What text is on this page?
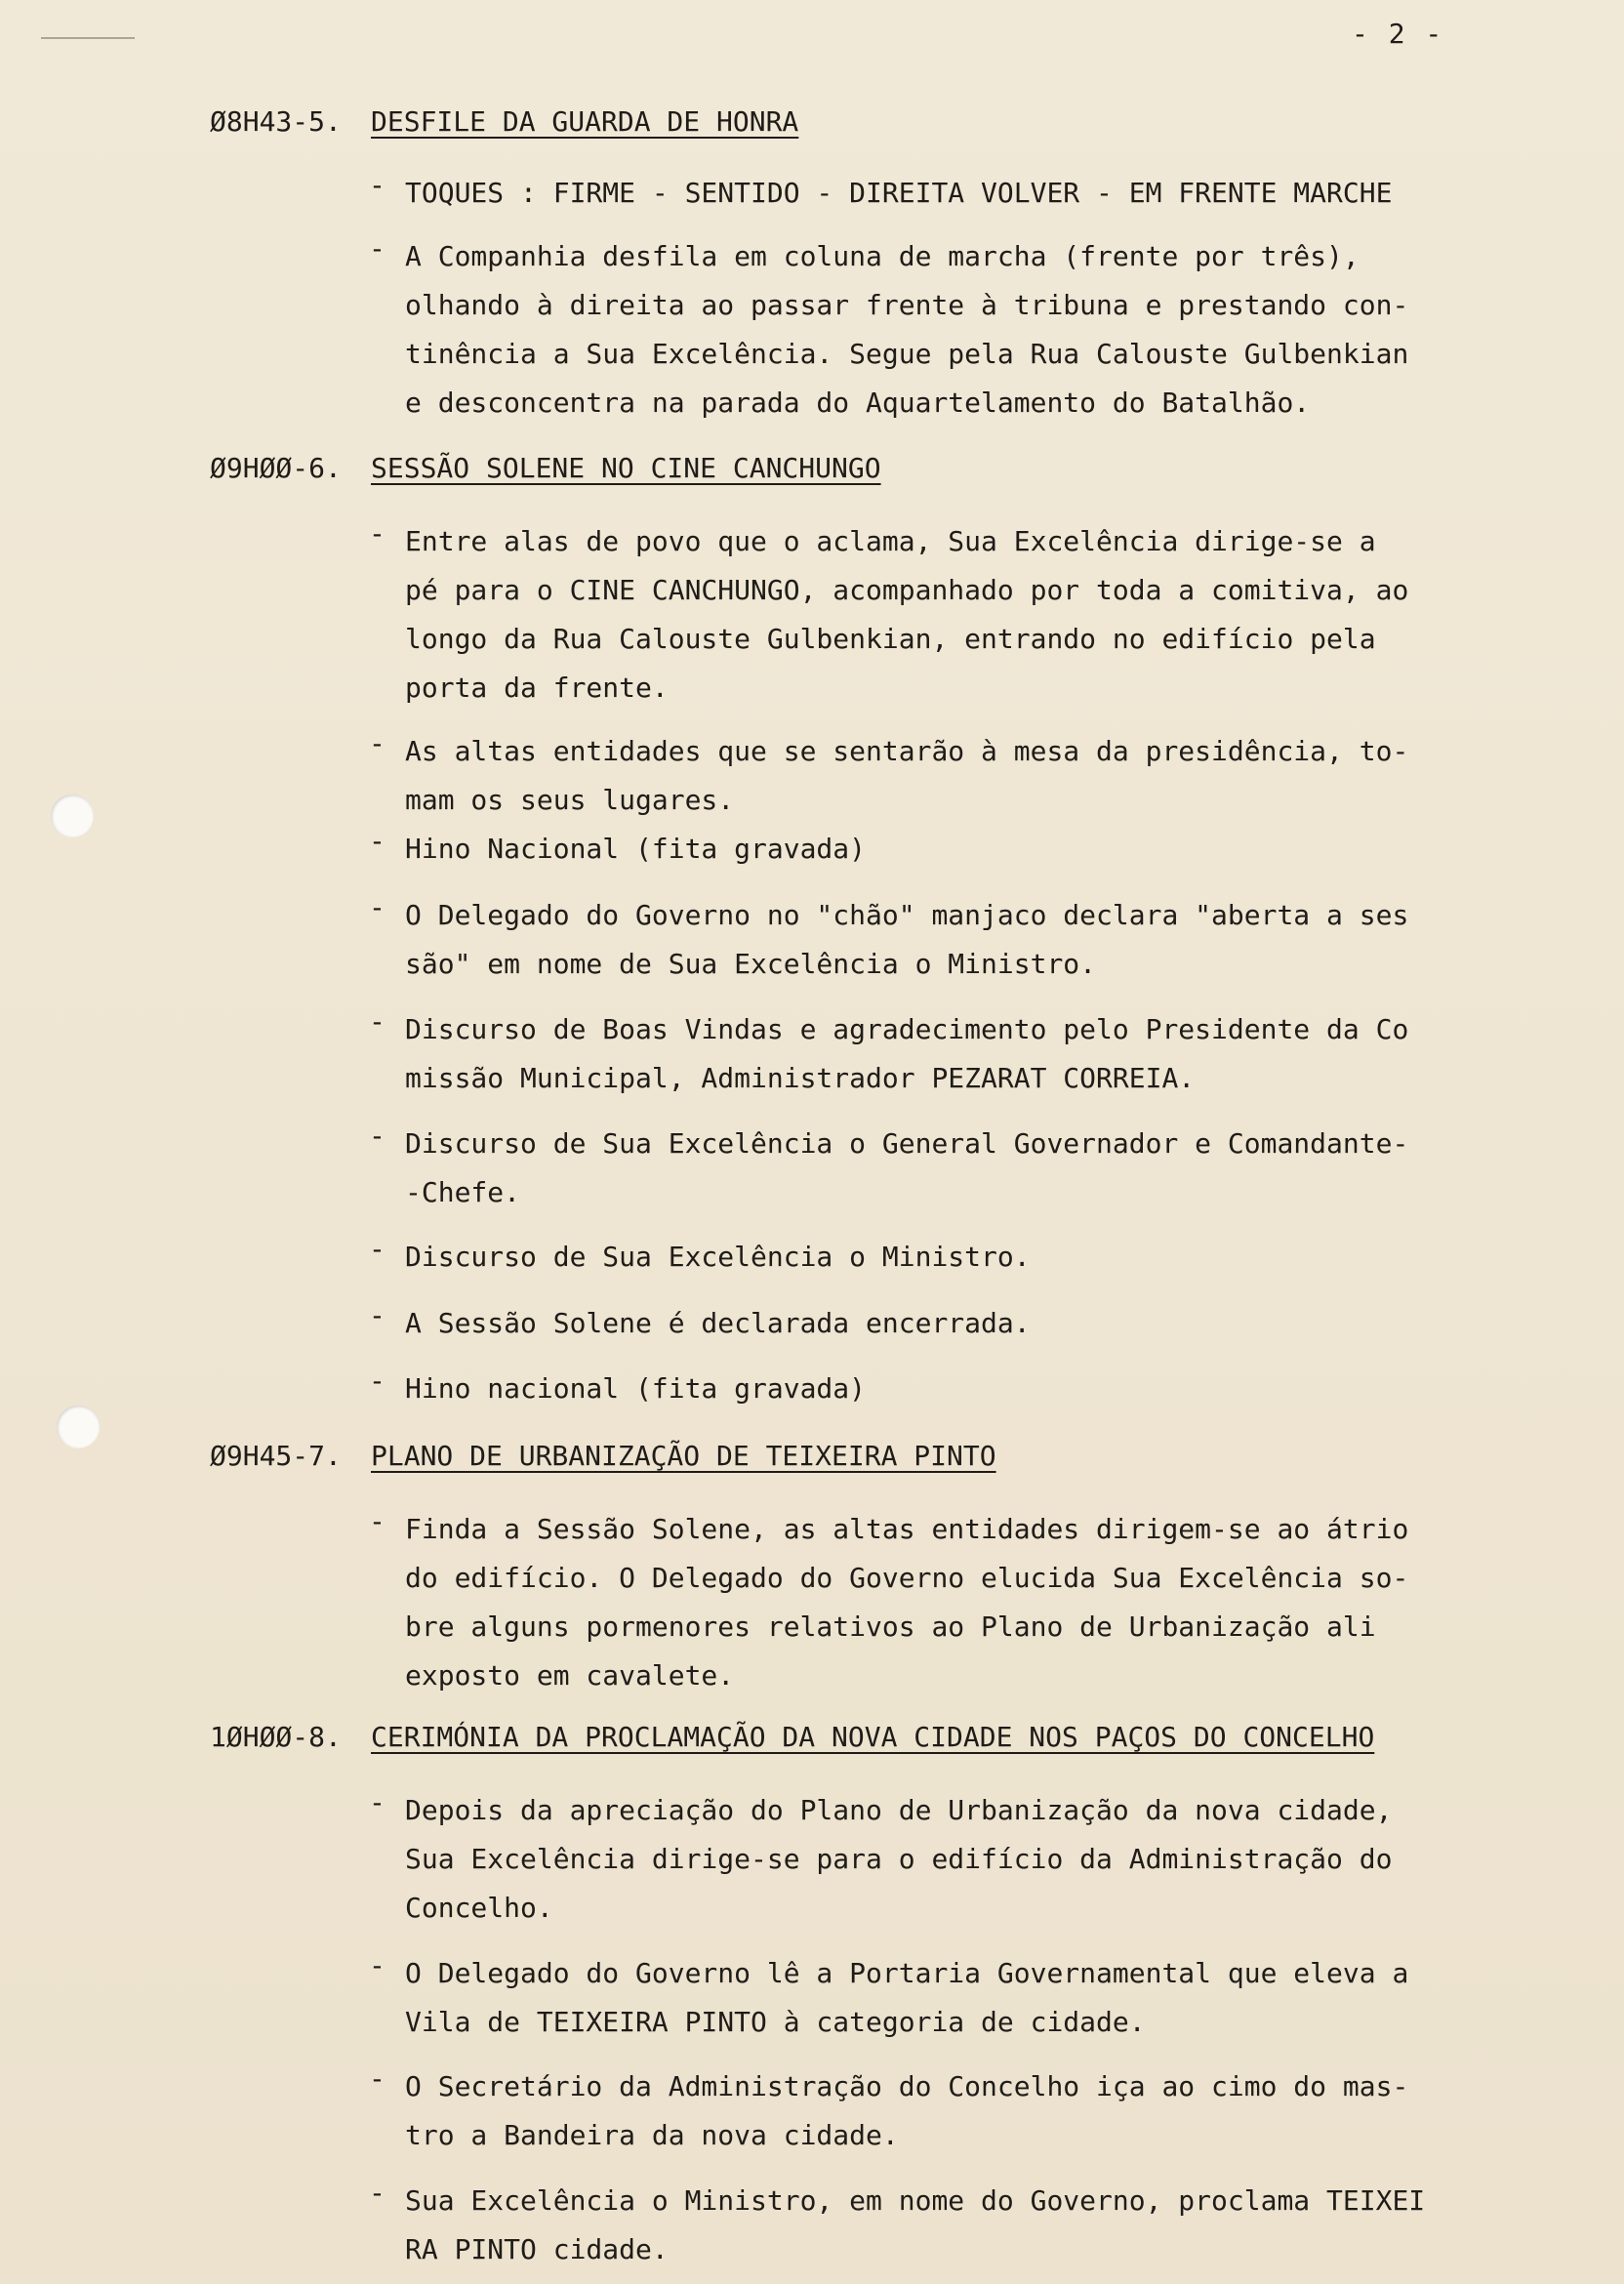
- 2 -
Ø8H43-5. DESFILE DA GUARDA DE HONRA
- TOQUES : FIRME - SENTIDO - DIREITA VOLVER - EM FRENTE MARCHE
- A Companhia desfila em coluna de marcha (frente por três),
olhando à direita ao passar frente à tribuna e prestando con-
tinência a Sua Excelência. Segue pela Rua Calouste Gulbenkian
e desconcentra na parada do Aquartelamento do Batalhão.
Ø9HØØ-6. SESSÃO SOLENE NO CINE CANCHUNGO
- Entre alas de povo que o aclama, Sua Excelência dirige-se a
pé para o CINE CANCHUNGO, acompanhado por toda a comitiva, ao
longo da Rua Calouste Gulbenkian, entrando no edifício pela
porta da frente.
- As altas entidades que se sentarão à mesa da presidência, to-
mam os seus lugares.
- Hino Nacional (fita gravada)
- O Delegado do Governo no "chão" manjaco declara "aberta a ses
são" em nome de Sua Excelência o Ministro.
- Discurso de Boas Vindas e agradecimento pelo Presidente da Co
missão Municipal, Administrador PEZARAT CORREIA.
- Discurso de Sua Excelência o General Governador e Comandante-
-Chefe.
- Discurso de Sua Excelência o Ministro.
- A Sessão Solene é declarada encerrada.
- Hino nacional (fita gravada)
Ø9H45-7. PLANO DE URBANIZAÇÃO DE TEIXEIRA PINTO
- Finda a Sessão Solene, as altas entidades dirigem-se ao átrio
do edifício. O Delegado do Governo elucida Sua Excelência so-
bre alguns pormenores relativos ao Plano de Urbanização ali
exposto em cavalete.
1ØHØØ-8. CERIMÓNIA DA PROCLAMAÇÃO DA NOVA CIDADE NOS PAÇOS DO CONCELHO
- Depois da apreciação do Plano de Urbanização da nova cidade,
Sua Excelência dirige-se para o edifício da Administração do
Concelho.
- O Delegado do Governo lê a Portaria Governamental que eleva a
Vila de TEIXEIRA PINTO à categoria de cidade.
- O Secretário da Administração do Concelho iça ao cimo do mas-
tro a Bandeira da nova cidade.
- Sua Excelência o Ministro, em nome do Governo, proclama TEIXEI
RA PINTO cidade.
